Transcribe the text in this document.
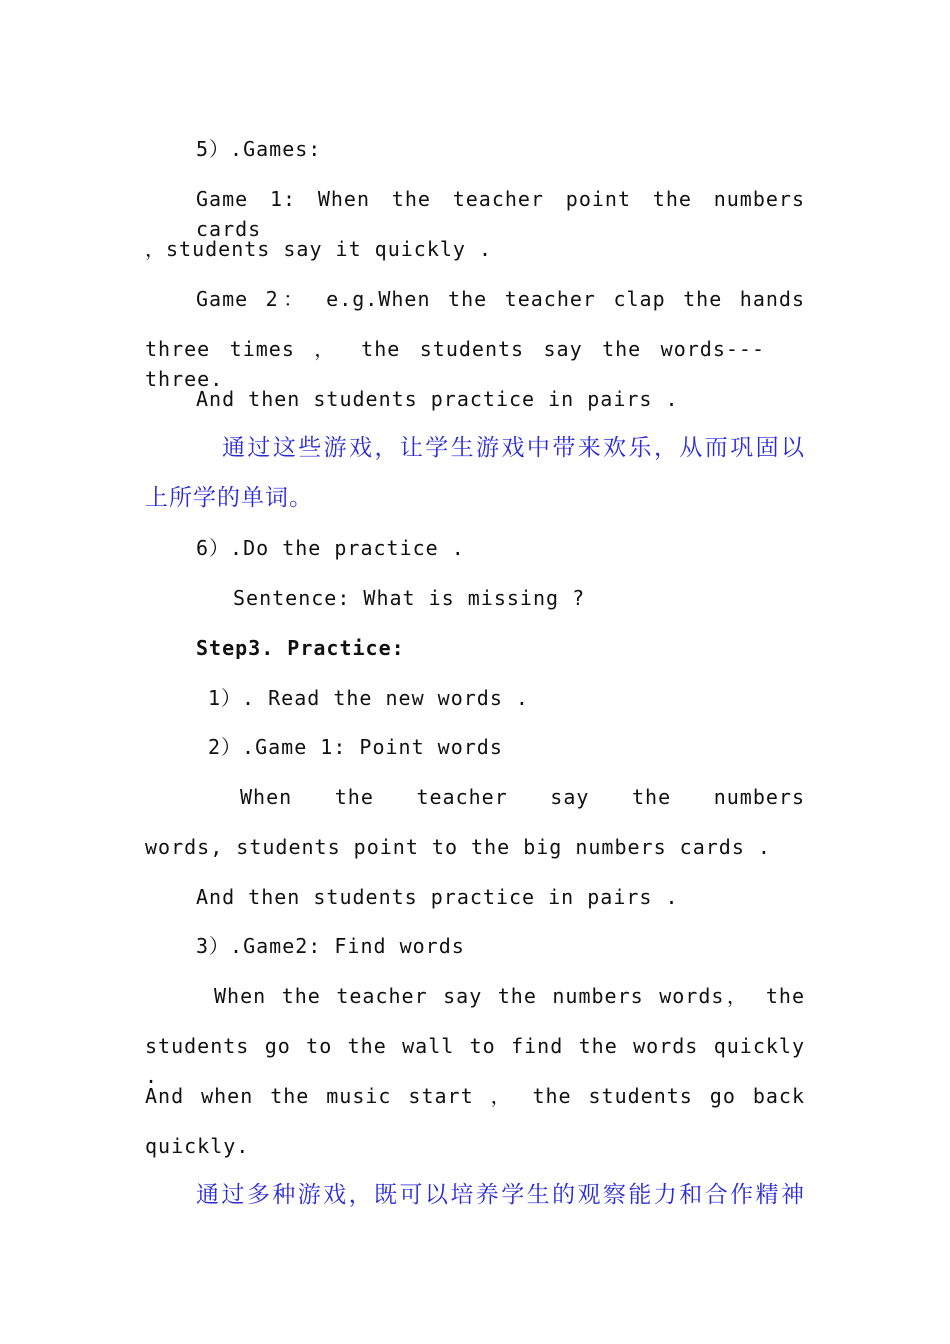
5）.Games:
Game 1: When the teacher point the numbers cards
，students say it quickly .
Game 2： e.g.When the teacher clap the hands
three times ， the students say the words---three.
And then students practice in pairs .
通过这些游戏，让学生游戏中带来欢乐，从而巩固以
上所学的单词。
6）.Do the practice .
Sentence: What is missing ?
Step3. Practice:
1）. Read the new words .
2）.Game 1: Point words
When the teacher say the numbers
words, students point to the big numbers cards .
And then students practice in pairs .
3）.Game2: Find words
When the teacher say the numbers words， the
students go to the wall to find the words quickly .
And when the music start ， the students go back
quickly.
通过多种游戏，既可以培养学生的观察能力和合作精神
